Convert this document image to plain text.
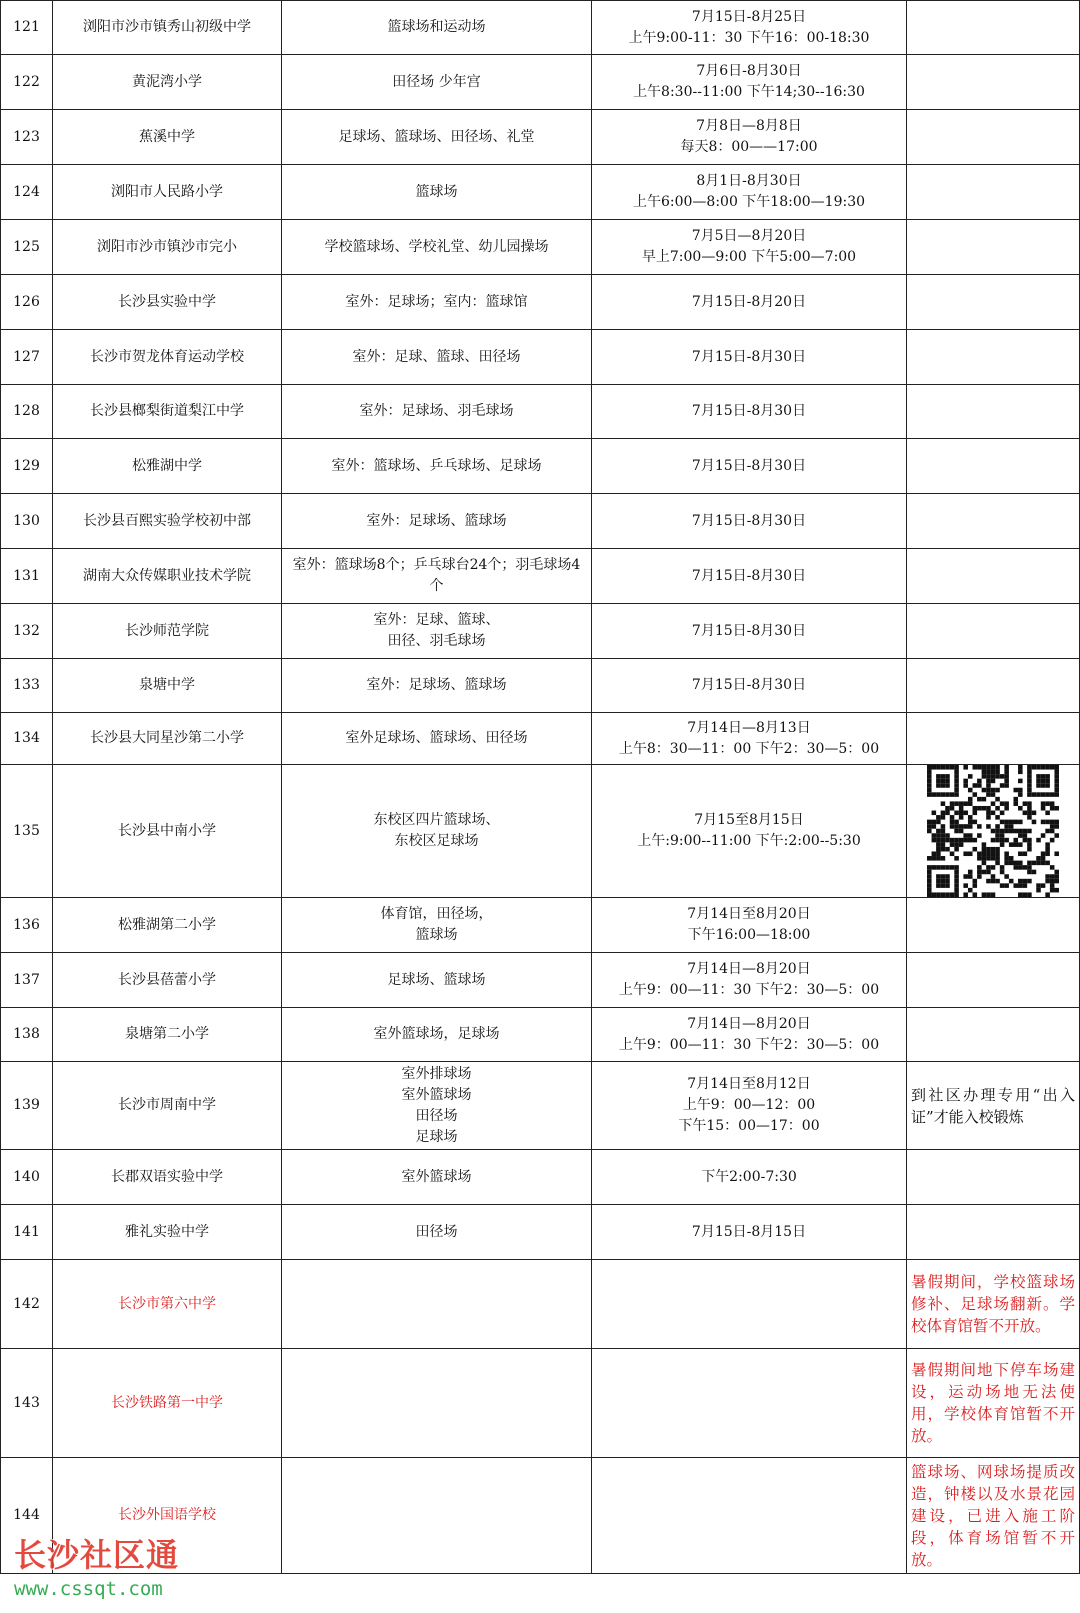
121	浏阳市沙市镇秀山初级中学	篮球场和运动场	7月15日-8月25日
上午9:00-11：30 下午16：00-18:30	

122	黄泥湾小学	田径场 少年宫	7月6日-8月30日
上午8:30--11:00 下午14;30--16:30	

123	蕉溪中学	足球场、篮球场、田径场、礼堂	7月8日—8月8日
每天8：00——17:00	

124	浏阳市人民路小学	篮球场	8月1日-8月30日
上午6:00—8:00 下午18:00—19:30	

125	浏阳市沙市镇沙市完小	学校篮球场、学校礼堂、幼儿园操场	7月5日—8月20日
早上7:00—9:00 下午5:00—7:00	

126	长沙县实验中学	室外：足球场；室内：篮球馆	7月15日-8月20日	

127	长沙市贺龙体育运动学校	室外：足球、篮球、田径场	7月15日-8月30日	

128	长沙县榔梨街道梨江中学	室外：足球场、羽毛球场	7月15日-8月30日	

129	松雅湖中学	室外：篮球场、乒乓球场、足球场	7月15日-8月30日	

130	长沙县百熙实验学校初中部	室外：足球场、篮球场	7月15日-8月30日	

131	湖南大众传媒职业技术学院	室外：篮球场8个；乒乓球台24个；羽毛球场4个	7月15日-8月30日	

132	长沙师范学院	室外：足球、篮球、
田径、羽毛球场	7月15日-8月30日	

133	泉塘中学	室外：足球场、篮球场	7月15日-8月30日	

134	长沙县大同星沙第二小学	室外足球场、篮球场、田径场	7月14日—8月13日
上午8：30—11：00 下午2：30—5：00	

135	长沙县中南小学	东校区四片篮球场、
东校区足球场	7月15至8月15日
上午:9:00--11:00 下午:2:00--5:30

136	松雅湖第二小学	体育馆，田径场，
篮球场	7月14日至8月20日
下午16:00—18:00	

137	长沙县蓓蕾小学	足球场、篮球场	7月14日—8月20日
上午9：00—11：30 下午2：30—5：00	

138	泉塘第二小学	室外篮球场，足球场	7月14日—8月20日
上午9：00—11：30 下午2：30—5：00	

139	长沙市周南中学	室外排球场
室外篮球场
田径场
足球场	7月14日至8月12日
上午9：00—12：00
下午15：00—17：00	到社区办理专用“出入证”才能入校锻炼
140	长郡双语实验中学	室外篮球场	下午2:00-7:30	

141	雅礼实验中学	田径场	7月15日-8月15日	

142	长沙市第六中学			暑假期间，学校篮球场修补、足球场翻新。学校体育馆暂不开放。
143	长沙铁路第一中学			暑假期间地下停车场建设，运动场地无法使用，学校体育馆暂不开放。
144	长沙外国语学校			篮球场、网球场提质改造，钟楼以及水景花园建设，已进入施工阶段，体育场馆暂不开放。
长沙社区通
www.cssqt.com
